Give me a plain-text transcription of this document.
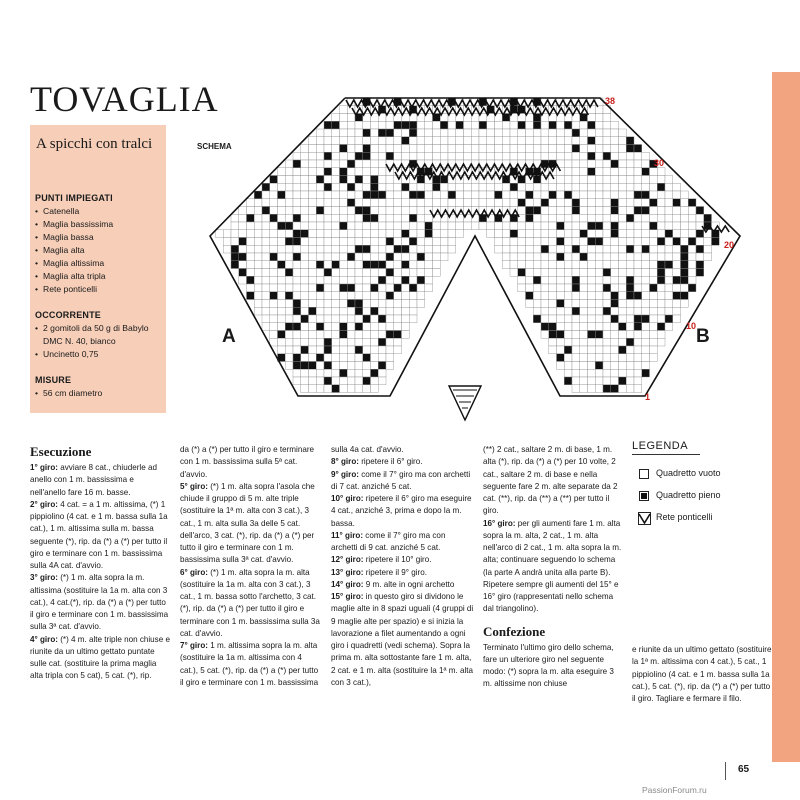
TOVAGLIA
A spicchi con tralci
PUNTI IMPIEGATI
• Catenella
• Maglia bassissima
• Maglia bassa
• Maglia alta
• Maglia altissima
• Maglia alta tripla
• Rete ponticelli
OCCORRENTE
• 2 gomitoli da 50 g di Babylo DMC N. 40, bianco
• Uncinetto 0,75
MISURE
• 56 cm diametro
SCHEMA
A	B
38
30
20
10
1
Esecuzione

1° giro: avviare 8 cat., chiuderle ad anello con 1 m. bassissima e nell'anello fare 16 m. basse.

2° giro: 4 cat. = a 1 m. altissima, (*) 1 pippiolino (4 cat. e 1 m. bassa sulla 1a cat.), 1 m. altissima sulla m. bassa seguente (*), rip. da (*) a (*) per tutto il giro e terminare con 1 m. bassissima sulla 4A cat. d'avvio.

3° giro: (*) 1 m. alta sopra la m. altissima (sostituire la 1a m. alta con 3 cat.), 4 cat.(*), rip. da (*) a (*) per tutto il giro e terminare con 1 m. bassissima sulla 3ª cat. d'avvio.

4° giro: (*) 4 m. alte triple non chiuse e riunite da un ultimo gettato puntate sulle cat. (sostituire la prima maglia alta tripla con 5 cat), 5 cat. (*), rip.

da (*) a (*) per tutto il giro e terminare con 1 m. bassissima sulla 5ª cat. d'avvio.

5° giro: (*) 1 m. alta sopra l'asola che chiude il gruppo di 5 m. alte triple (sostituire la 1ª m. alta con 3 cat.), 3 cat., 1 m. alta sulla 3a delle 5 cat. dell'arco, 3 cat. (*), rip. da (*) a (*) per tutto il giro e terminare con 1 m. bassissima sulla 3ª cat. d'avvio.

6° giro: (*) 1 m. alta sopra la m. alta (sostituire la 1a m. alta con 3 cat.), 3 cat., 1 m. bassa sotto l'archetto, 3 cat. (*), rip. da (*) a (*) per tutto il giro e terminare con 1 m. bassissima sulla 3a cat. d'avvio.

7° giro: 1 m. altissima sopra la m. alta (sostituire la 1a m. altissima con 4 cat.), 5 cat. (*), rip. da (*) a (*) per tutto il giro e terminare con 1 m. bassissima

sulla 4a cat. d'avvio.

8° giro: ripetere il 6° giro.

9° giro: come il 7° giro ma con archetti di 7 cat. anziché 5 cat.

10° giro: ripetere il 6° giro ma eseguire 4 cat., anziché 3, prima e dopo la m. bassa.

11° giro: come il 7° giro ma con archetti di 9 cat. anziché 5 cat.

12° giro: ripetere il 10° giro.

13° giro: ripetere il 9° giro.

14° giro: 9 m. alte in ogni archetto

15° giro: in questo giro si dividono le maglie alte in 8 spazi uguali (4 gruppi di 9 maglie alte per spazio) e si inizia la lavorazione a filet aumentando a ogni giro i quadretti (vedi schema). Sopra la prima m. alta sottostante fare 1 m. alta, 2 cat. e 1 m. alta (sostituire la 1ª m. alta con 3 cat.),

(**) 2 cat., saltare 2 m. di base, 1 m. alta (*), rip. da (*) a (*) per 10 volte, 2 cat., saltare 2 m. di base e nella seguente fare 2 m. alte separate da 2 cat. (**), rip. da (**) a (**) per tutto il giro.

16° giro: per gli aumenti fare 1 m. alta sopra la m. alta, 2 cat., 1 m. alta nell'arco di 2 cat., 1 m. alta sopra la m. alta; continuare seguendo lo schema (la parte A andrà unita alla parte B). Ripetere sempre gli aumenti del 15° e 16° giro (rappresentati nello schema dal triangolino).

Confezione

Terminato l'ultimo giro dello schema, fare un ulteriore giro nel seguente modo: (*) sopra la m. alta eseguire 3 m. altissime non chiuse

e riunite da un ultimo gettato (sostituire la 1ª m. altissima con 4 cat.), 5 cat., 1 pippiolino (4 cat. e 1 m. bassa sulla 1a cat.), 5 cat. (*), rip. da (*) a (*) per tutto il giro. Tagliare e fermare il filo.

LEGENDA
Quadretto vuoto
Quadretto pieno
Rete ponticelli
65
PassionForum.ru
